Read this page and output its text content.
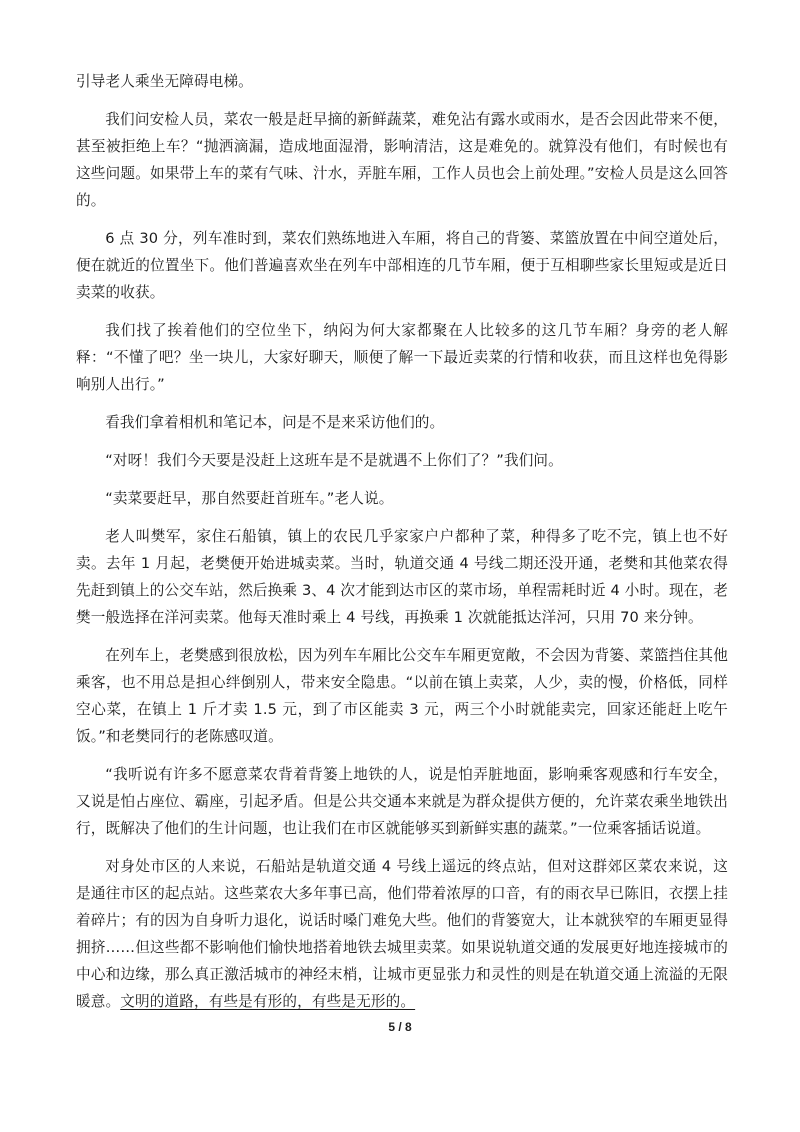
引导老人乘坐无障碍电梯。

我们问安检人员，菜农一般是赶早摘的新鲜蔬菜，难免沾有露水或雨水，是否会因此带来不便，甚至被拒绝上车？“抛洒滴漏，造成地面湿滑，影响清洁，这是难免的。就算没有他们，有时候也有这些问题。如果带上车的菜有气味、汁水，弄脏车厢，工作人员也会上前处理。”安检人员是这么回答的。

6 点 30 分，列车准时到，菜农们熟练地进入车厢，将自己的背篓、菜篮放置在中间空道处后，便在就近的位置坐下。他们普遍喜欢坐在列车中部相连的几节车厢，便于互相聊些家长里短或是近日卖菜的收获。

我们找了挨着他们的空位坐下，纳闷为何大家都聚在人比较多的这几节车厢？身旁的老人解释：“不懂了吧？坐一块儿，大家好聊天，顺便了解一下最近卖菜的行情和收获，而且这样也免得影响别人出行。”

看我们拿着相机和笔记本，问是不是来采访他们的。

“对呀！我们今天要是没赶上这班车是不是就遇不上你们了？”我们问。

“卖菜要赶早，那自然要赶首班车。”老人说。

老人叫樊军，家住石船镇，镇上的农民几乎家家户户都种了菜，种得多了吃不完，镇上也不好卖。去年 1 月起，老樊便开始进城卖菜。当时，轨道交通 4 号线二期还没开通，老樊和其他菜农得先赶到镇上的公交车站，然后换乘 3、4 次才能到达市区的菜市场，单程需耗时近 4 小时。现在，老樊一般选择在洋河卖菜。他每天准时乘上 4 号线，再换乘 1 次就能抵达洋河，只用 70 来分钟。

在列车上，老樊感到很放松，因为列车车厢比公交车车厢更宽敞，不会因为背篓、菜篮挡住其他乘客，也不用总是担心绊倒别人，带来安全隐患。“以前在镇上卖菜，人少，卖的慢，价格低，同样空心菜，在镇上 1 斤才卖 1.5 元，到了市区能卖 3 元，两三个小时就能卖完，回家还能赶上吃午饭。”和老樊同行的老陈感叹道。

“我听说有许多不愿意菜农背着背篓上地铁的人，说是怕弄脏地面，影响乘客观感和行车安全，又说是怕占座位、霸座，引起矛盾。但是公共交通本来就是为群众提供方便的，允许菜农乘坐地铁出行，既解决了他们的生计问题，也让我们在市区就能够买到新鲜实惠的蔬菜。”一位乘客插话说道。

对身处市区的人来说，石船站是轨道交通 4 号线上遥远的终点站，但对这群郊区菜农来说，这是通往市区的起点站。这些菜农大多年事已高，他们带着浓厚的口音，有的雨衣早已陈旧，衣摆上挂着碎片；有的因为自身听力退化，说话时嗓门难免大些。他们的背篓宽大，让本就狭窄的车厢更显得拥挤……但这些都不影响他们愉快地搭着地铁去城里卖菜。如果说轨道交通的发展更好地连接城市的中心和边缘，那么真正激活城市的神经末梢，让城市更显张力和灵性的则是在轨道交通上流溢的无限暖意。文明的道路，有些是有形的，有些是无形的。

5 / 8
